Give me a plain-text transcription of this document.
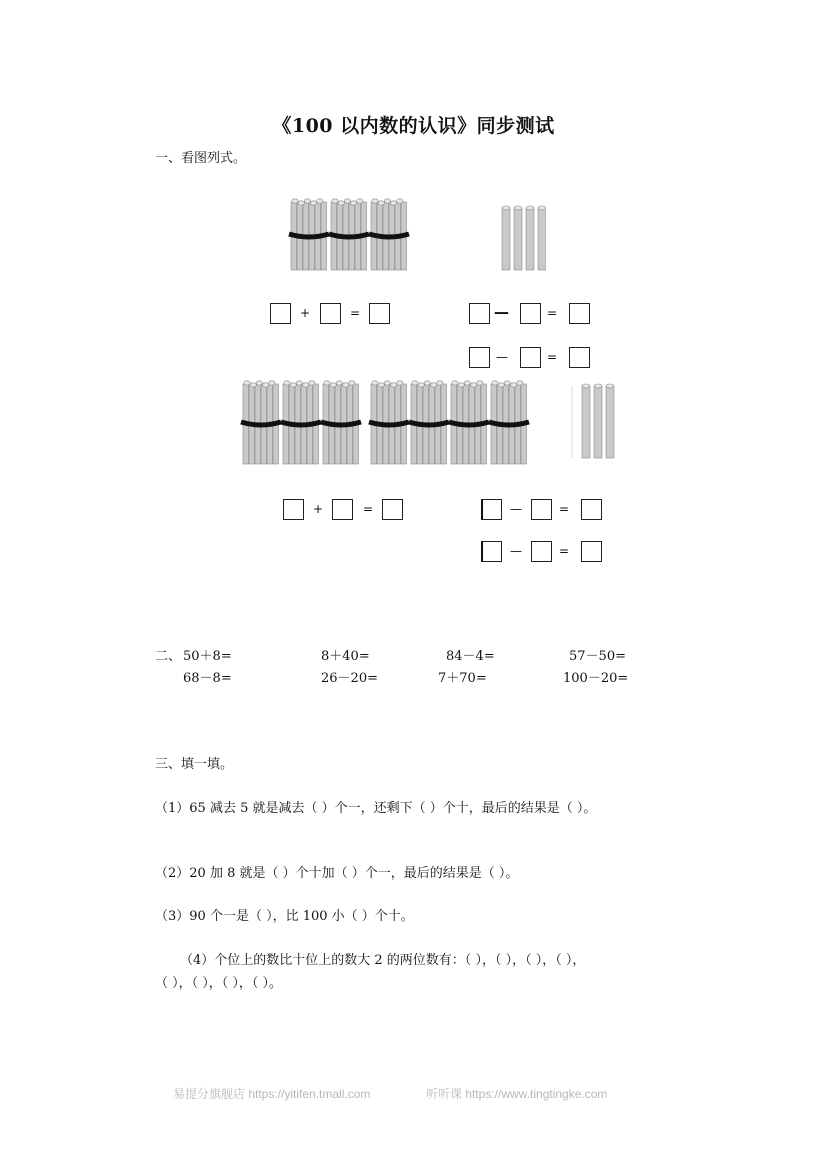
《100 以内数的认识》同步测试
一、看图列式。
+	=	—	=
—	=
+	=	—	=
—	=
二、 50＋8=	8＋40=	84－4=	57－50=
68－8=	26－20=	7＋70=	100－20=
三、填一填。
（1）65 减去 5 就是减去（ ）个一，还剩下（ ）个十，最后的结果是（ ）。
（2）20 加 8 就是（ ）个十加（ ）个一，最后的结果是（ ）。
（3）90 个一是（ ），比 100 小（ ）个十。
（4）个位上的数比十位上的数大 2 的两位数有：（ ），（ ），（ ），（ ），
（ ），（ ），（ ），（ ）。
易提分旗舰店 https://yitifen.tmall.com	听听课 https://www.tingtingke.com
